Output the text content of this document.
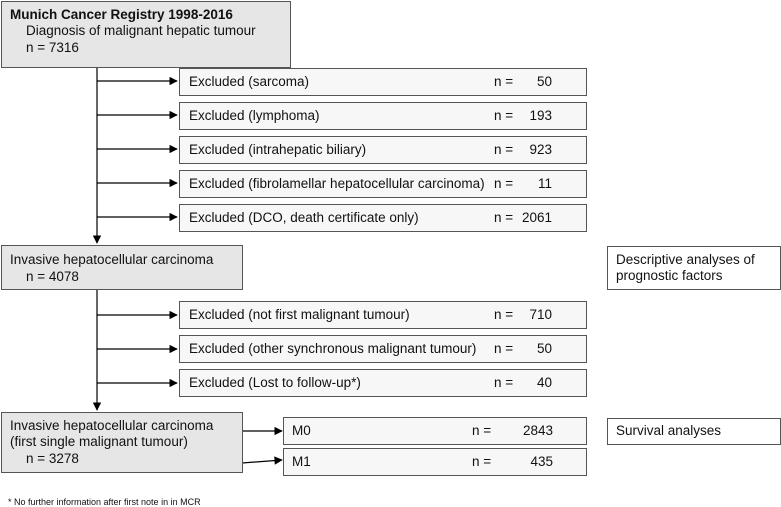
Munich Cancer Registry 1998-2016
Diagnosis of malignant hepatic tumour
n = 7316
Excluded (sarcoma)	n =	50
Excluded (lymphoma)	n =	193
Excluded (intrahepatic biliary)	n =	923
Excluded (fibrolamellar hepatocellular carcinoma) n =	11
Excluded (DCO, death certificate only)	n = 2061
Invasive hepatocellular carcinoma
n = 4078
Descriptive analyses of
prognostic factors
Excluded (not first malignant tumour)	n =	710
Excluded (other synchronous malignant tumour) n =	50
Excluded (Lost to follow-up*)	n =	40
Invasive hepatocellular carcinoma
(first single malignant tumour)
n = 3278
M0	n =	2843
M1	n =	435
Survival analyses
* No further information after first note in in MCR
